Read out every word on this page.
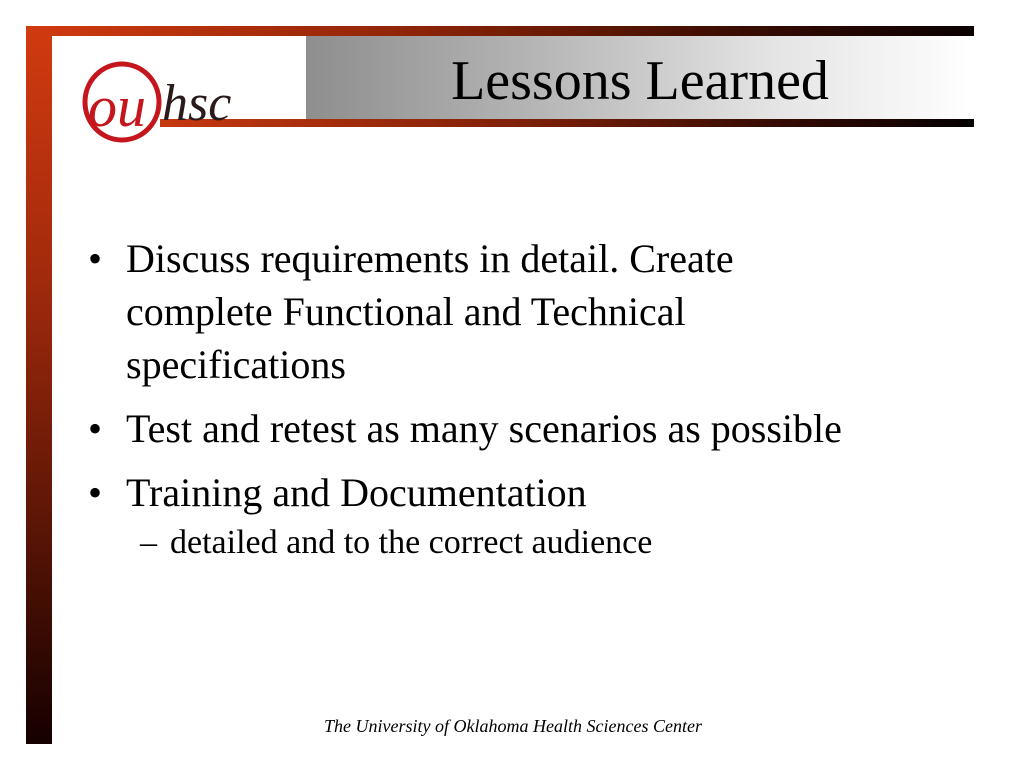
ou hsc	Lessons Learned
• Discuss requirements in detail. Create complete Functional and Technical specifications
• Test and retest as many scenarios as possible
• Training and Documentation
– detailed and to the correct audience
The University of Oklahoma Health Sciences Center
